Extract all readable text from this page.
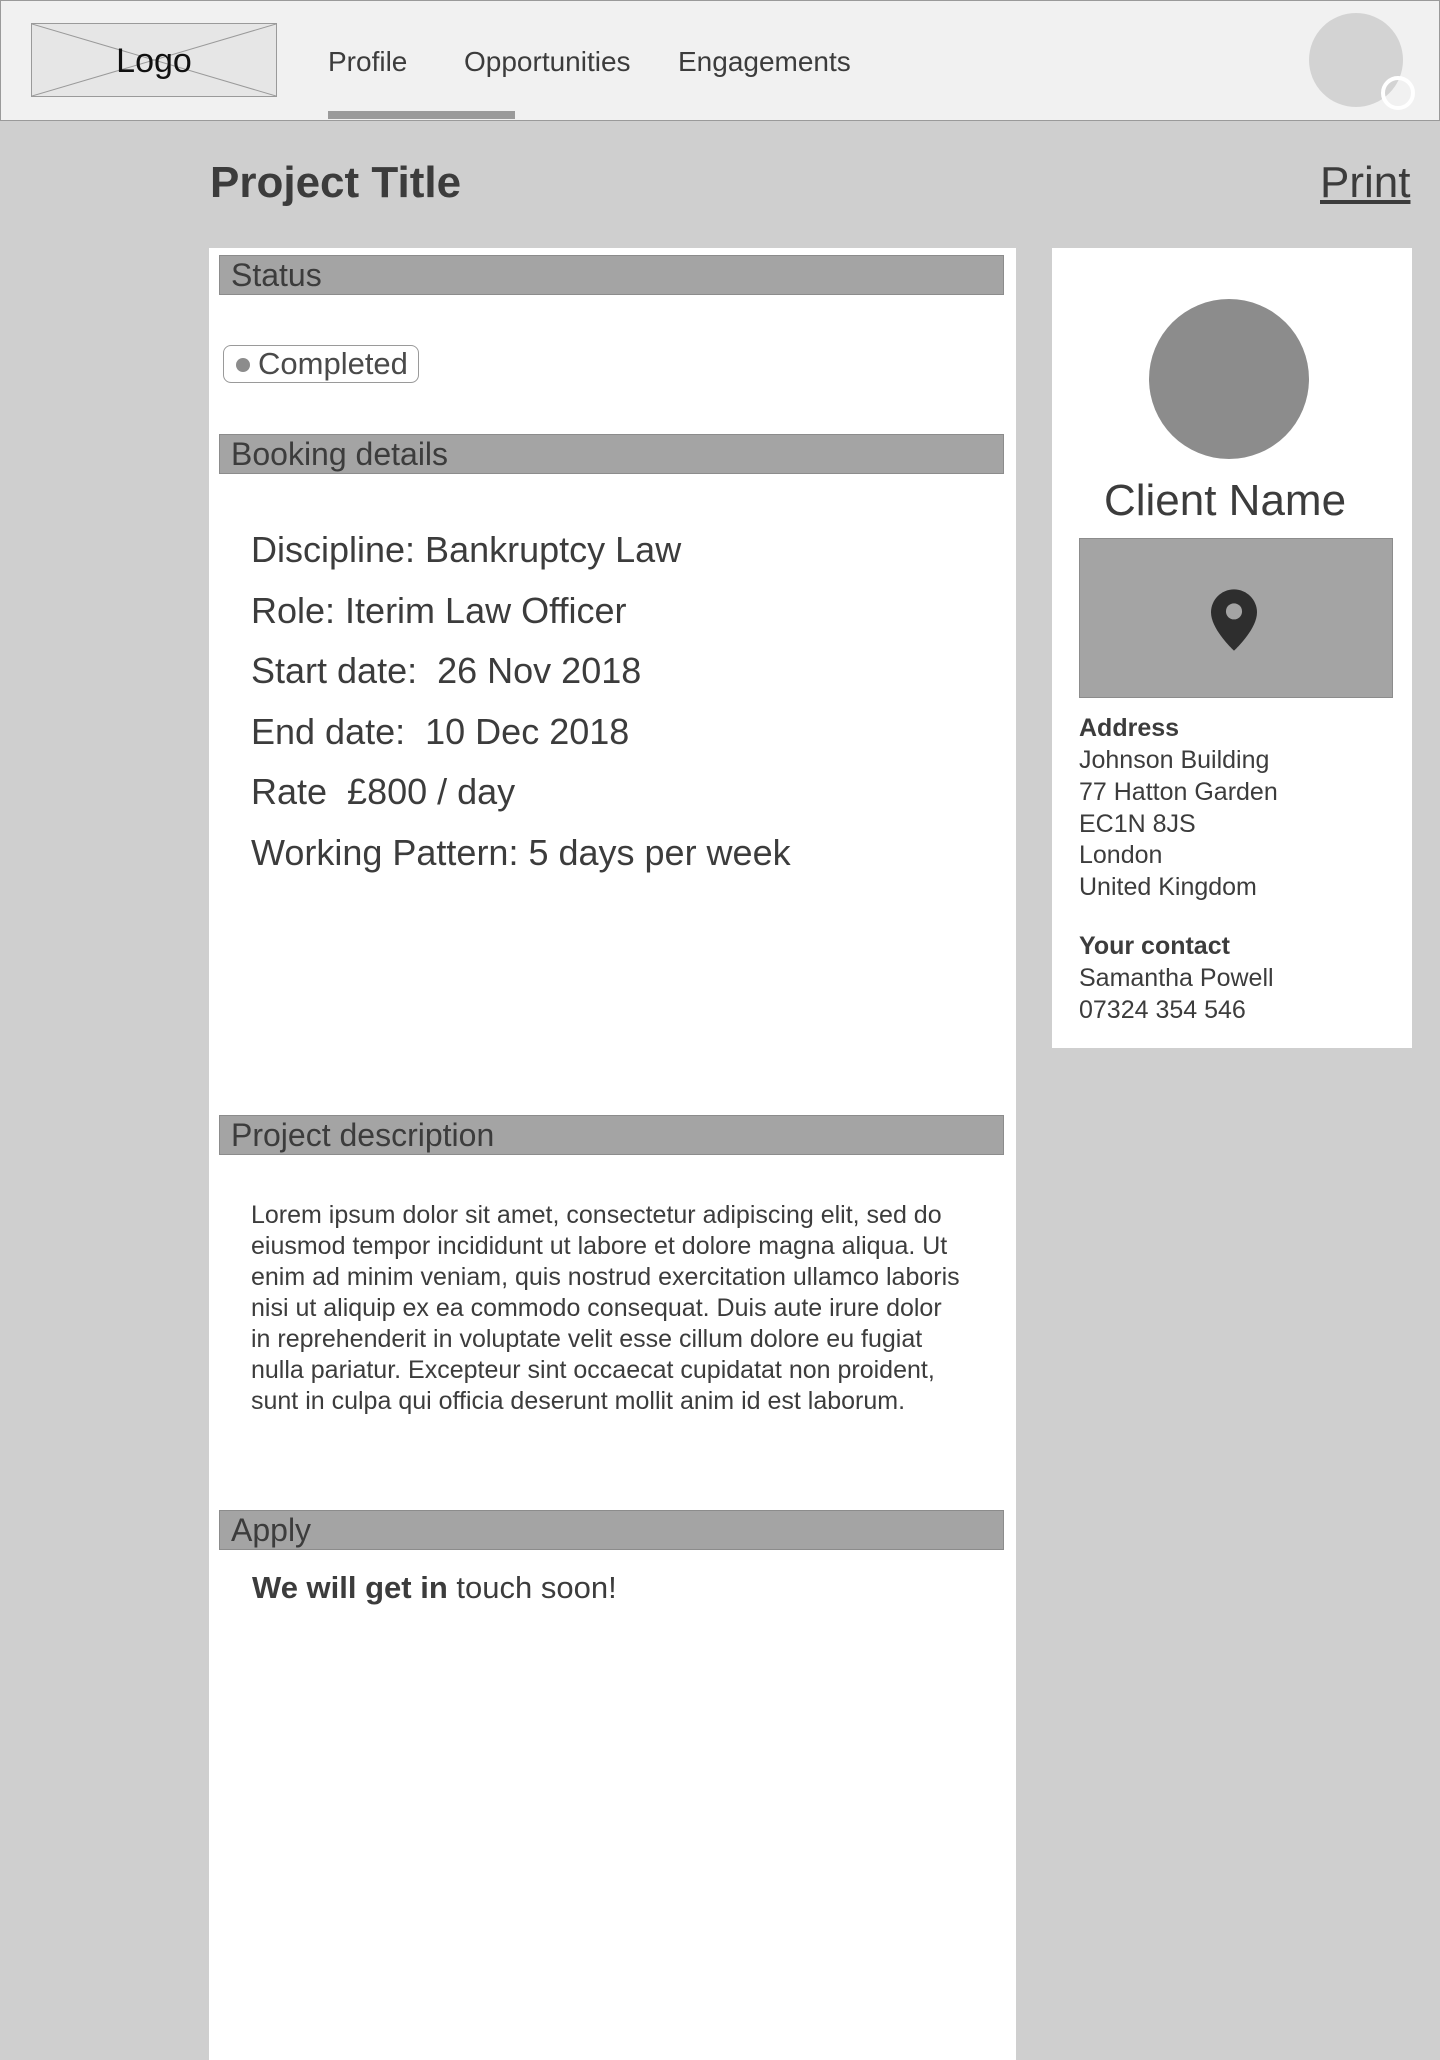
Logo	Profile Opportunities Engagements
Project Title	Print
Status
Completed
Booking details
Discipline: Bankruptcy Law
Role: Iterim Law Officer
Start date:  26 Nov 2018
End date:  10 Dec 2018
Rate  £800 / day
Working Pattern: 5 days per week
Project description
Lorem ipsum dolor sit amet, consectetur adipiscing elit, sed do eiusmod tempor incididunt ut labore et dolore magna aliqua. Ut enim ad minim veniam, quis nostrud exercitation ullamco laboris nisi ut aliquip ex ea commodo consequat. Duis aute irure dolor in reprehenderit in voluptate velit esse cillum dolore eu fugiat nulla pariatur. Excepteur sint occaecat cupidatat non proident, sunt in culpa qui officia deserunt mollit anim id est laborum.
Apply
We will get in touch soon!
Client Name
Address
Johnson Building
77 Hatton Garden
EC1N 8JS
London
United Kingdom
Your contact
Samantha Powell
07324 354 546
